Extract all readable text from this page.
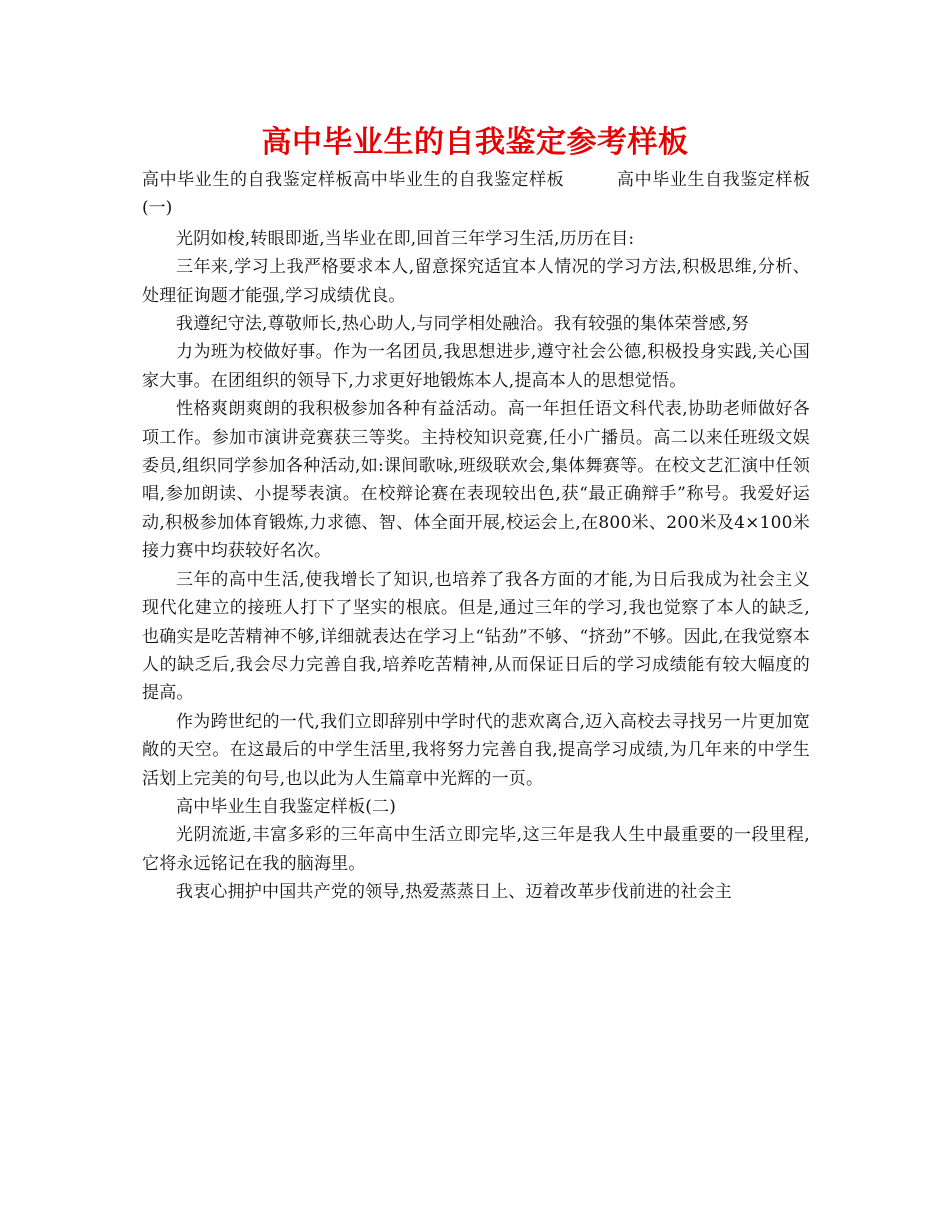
高中毕业生的自我鉴定参考样板

高中毕业生的自我鉴定样板高中毕业生的自我鉴定样板　　　高中毕业生自我鉴定样板(一)

光阴如梭,转眼即逝,当毕业在即,回首三年学习生活,历历在目:

三年来,学习上我严格要求本人,留意探究适宜本人情况的学习方法,积极思维,分析、处理征询题才能强,学习成绩优良。

我遵纪守法,尊敬师长,热心助人,与同学相处融洽。我有较强的集体荣誉感,努

力为班为校做好事。作为一名团员,我思想进步,遵守社会公德,积极投身实践,关心国家大事。在团组织的领导下,力求更好地锻炼本人,提高本人的思想觉悟。

性格爽朗爽朗的我积极参加各种有益活动。高一年担任语文科代表,协助老师做好各项工作。参加市演讲竞赛获三等奖。主持校知识竞赛,任小广播员。高二以来任班级文娱委员,组织同学参加各种活动,如:课间歌咏,班级联欢会,集体舞赛等。在校文艺汇演中任领唱,参加朗读、小提琴表演。在校辩论赛在表现较出色,获“最正确辩手”称号。我爱好运动,积极参加体育锻炼,力求德、智、体全面开展,校运会上,在800米、200米及4×100米接力赛中均获较好名次。

三年的高中生活,使我增长了知识,也培养了我各方面的才能,为日后我成为社会主义现代化建立的接班人打下了坚实的根底。但是,通过三年的学习,我也觉察了本人的缺乏,也确实是吃苦精神不够,详细就表达在学习上“钻劲”不够、“挤劲”不够。因此,在我觉察本人的缺乏后,我会尽力完善自我,培养吃苦精神,从而保证日后的学习成绩能有较大幅度的提高。

作为跨世纪的一代,我们立即辞别中学时代的悲欢离合,迈入高校去寻找另一片更加宽敞的天空。在这最后的中学生活里,我将努力完善自我,提高学习成绩,为几年来的中学生活划上完美的句号,也以此为人生篇章中光辉的一页。

高中毕业生自我鉴定样板(二)

光阴流逝,丰富多彩的三年高中生活立即完毕,这三年是我人生中最重要的一段里程,它将永远铭记在我的脑海里。

我衷心拥护中国共产党的领导,热爱蒸蒸日上、迈着改革步伐前进的社会主
